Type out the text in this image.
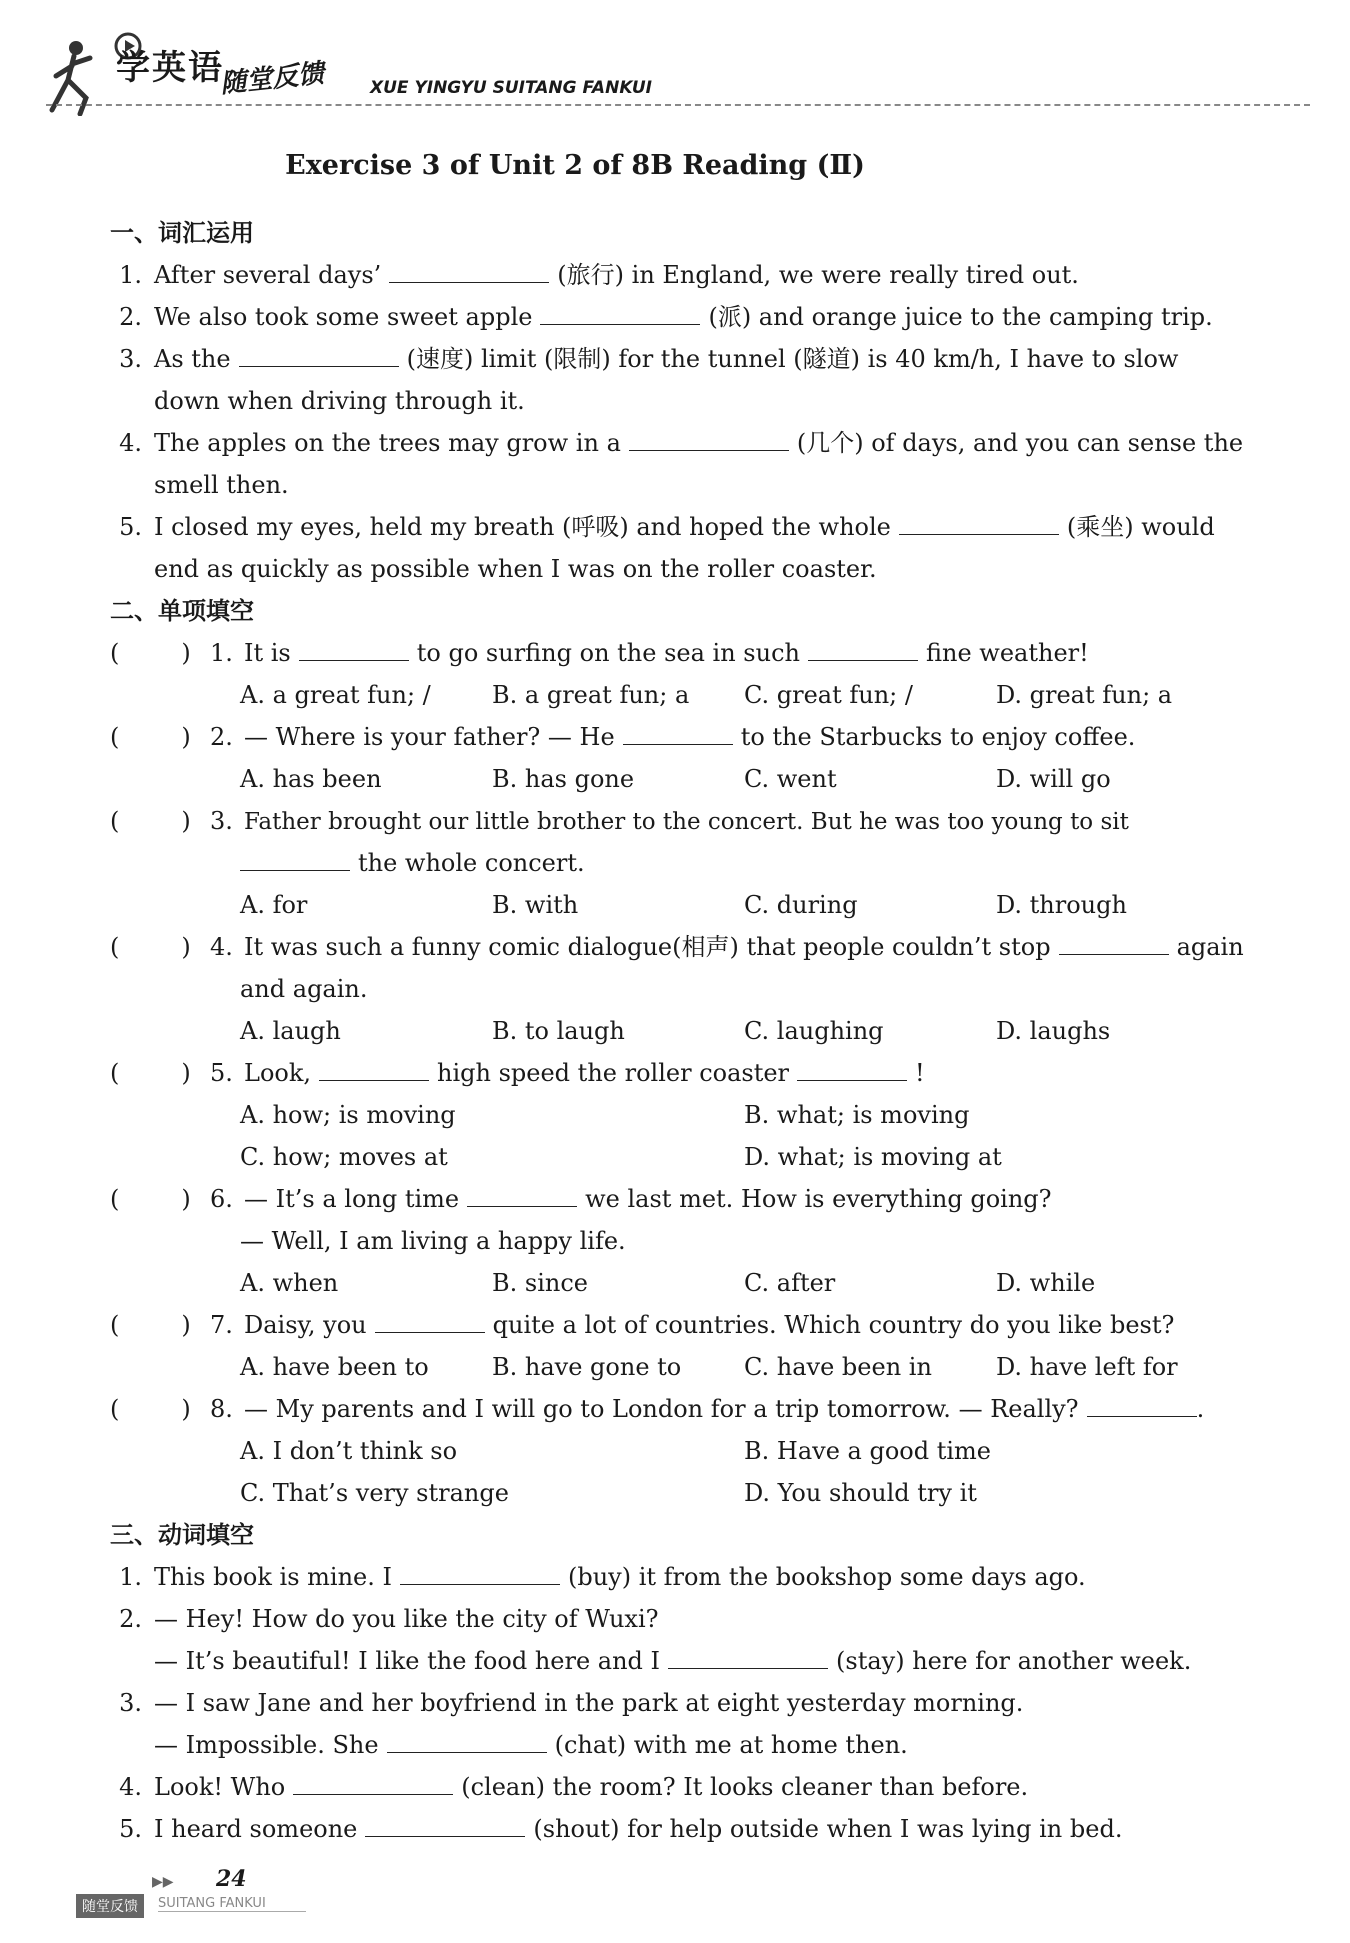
学英语
随堂反馈	XUE YINGYU SUITANG FANKUI
Exercise 3 of Unit 2 of 8B Reading (Ⅱ)
一、词汇运用
1. After several days’	(旅行) in England, we were really tired out.
2. We also took some sweet apple	(派) and orange juice to the camping trip.
3. As the	(速度) limit (限制) for the tunnel (隧道) is 40 km/h, I have to slow
down when driving through it.
4. The apples on the trees may grow in a	(几个) of days, and you can sense the
smell then.
5. I closed my eyes, held my breath (呼吸) and hoped the whole	(乘坐) would
end as quickly as possible when I was on the roller coaster.
二、单项填空
(	) 1. It is	to go surfing on the sea in such	fine weather!
A. a great fun; /	B. a great fun; a C. great fun; /	D. great fun; a
(	) 2. — Where is your father? — He	to the Starbucks to enjoy coffee.
A. has been	B. has gone	C. went	D. will go
(	) 3. Father brought our little brother to the concert. But he was too young to sit
the whole concert.
A. for	B. with	C. during	D. through
(	) 4. It was such a funny comic dialogue(相声) that people couldn’t stop	again
and again.
A. laugh	B. to laugh	C. laughing	D. laughs
(	) 5. Look,	high speed the roller coaster	!
A. how; is moving	B. what; is moving
C. how; moves at	D. what; is moving at
(	) 6. — It’s a long time	we last met. How is everything going?
— Well, I am living a happy life.
A. when	B. since	C. after	D. while
(	) 7. Daisy, you	quite a lot of countries. Which country do you like best?
A. have been to	B. have gone to	C. have been in	D. have left for
(	) 8. — My parents and I will go to London for a trip tomorrow. — Really?	.
A. I don’t think so	B. Have a good time
C. That’s very strange	D. You should try it
三、动词填空
1. This book is mine. I	(buy) it from the bookshop some days ago.
2. — Hey! How do you like the city of Wuxi?
— It’s beautiful! I like the food here and I	(stay) here for another week.
3. — I saw Jane and her boyfriend in the park at eight yesterday morning.
— Impossible. She	(chat) with me at home then.
4. Look! Who	(clean) the room? It looks cleaner than before.
5. I heard someone	(shout) for help outside when I was lying in bed.
▶▶ 24
随堂反馈	SUITANG FANKUI
